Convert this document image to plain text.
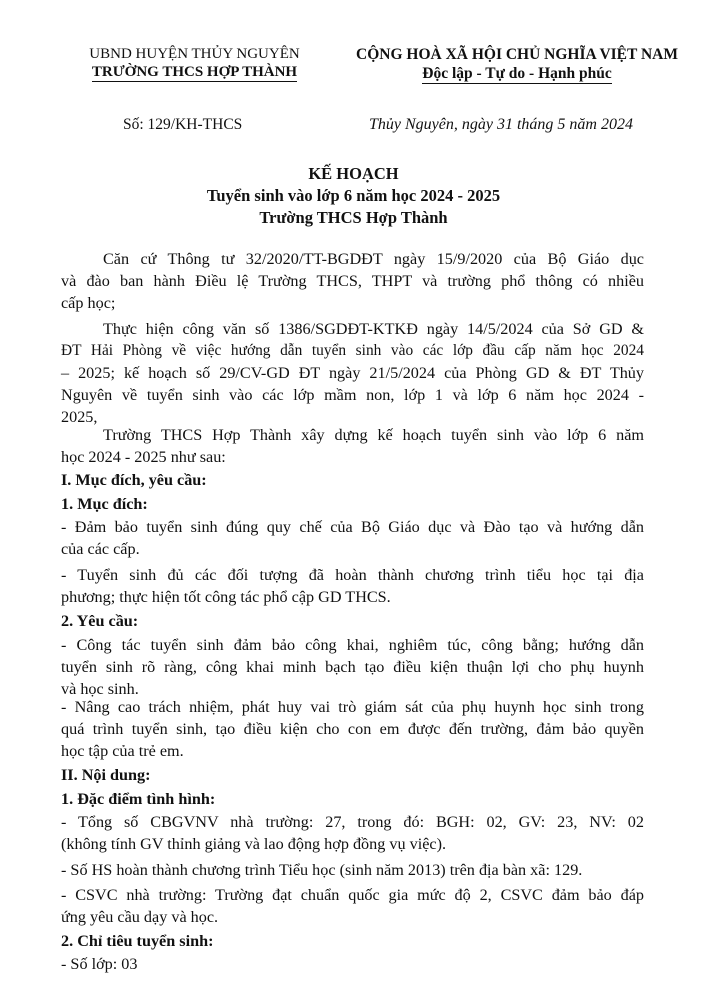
UBND HUYỆN THỦY NGUYÊN
TRƯỜNG THCS HỢP THÀNH
CỘNG HOÀ XÃ HỘI CHỦ NGHĨA VIỆT NAM
Độc lập - Tự do - Hạnh phúc
Số: 129/KH-THCS	Thủy Nguyên, ngày 31 tháng 5 năm 2024
KẾ HOẠCH
Tuyển sinh vào lớp 6 năm học 2024 - 2025
Trường THCS Hợp Thành
Căn cứ Thông tư 32/2020/TT-BGDĐT ngày 15/9/2020 của Bộ Giáo dục
và đào ban hành Điều lệ Trường THCS, THPT và trường phổ thông có nhiều
cấp học;
Thực hiện công văn số 1386/SGDĐT-KTKĐ ngày 14/5/2024 của Sở GD &
ĐT Hải Phòng về việc hướng dẫn tuyển sinh vào các lớp đầu cấp năm học 2024
– 2025; kế hoạch số 29/CV-GD ĐT ngày 21/5/2024 của Phòng GD & ĐT Thủy
Nguyên về tuyển sinh vào các lớp mầm non, lớp 1 và lớp 6 năm học 2024 -
2025,
Trường THCS Hợp Thành xây dựng kế hoạch tuyển sinh vào lớp 6 năm
học 2024 - 2025 như sau:
I. Mục đích, yêu cầu:
1. Mục đích:
- Đảm bảo tuyển sinh đúng quy chế của Bộ Giáo dục và Đào tạo và hướng dẫn
của các cấp.
- Tuyển sinh đủ các đối tượng đã hoàn thành chương trình tiểu học tại địa
phương; thực hiện tốt công tác phổ cập GD THCS.
2. Yêu cầu:
- Công tác tuyển sinh đảm bảo công khai, nghiêm túc, công bằng; hướng dẫn
tuyển sinh rõ ràng, công khai minh bạch tạo điều kiện thuận lợi cho phụ huynh
và học sinh.
- Nâng cao trách nhiệm, phát huy vai trò giám sát của phụ huynh học sinh trong
quá trình tuyển sinh, tạo điều kiện cho con em được đến trường, đảm bảo quyền
học tập của trẻ em.
II. Nội dung:
1. Đặc điểm tình hình:
- Tổng số CBGVNV nhà trường: 27, trong đó: BGH: 02, GV: 23, NV: 02
(không tính GV thỉnh giảng và lao động hợp đồng vụ việc).
- Số HS hoàn thành chương trình Tiểu học (sinh năm 2013) trên địa bàn xã: 129.
- CSVC nhà trường: Trường đạt chuẩn quốc gia mức độ 2, CSVC đảm bảo đáp
ứng yêu cầu dạy và học.
2. Chỉ tiêu tuyển sinh:
- Số lớp: 03
